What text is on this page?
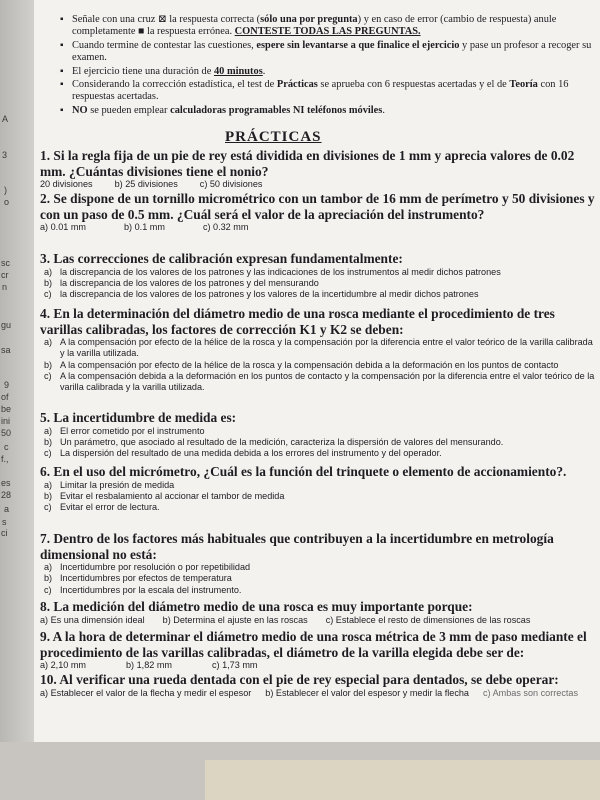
A
3
)
o
sc
cr
n
gu
sa
9
of
be
ini
50
c
f.,
es
28
a
s
ci
▪ Señale con una cruz ⊠ la respuesta correcta (sólo una por pregunta) y en caso de error (cambio de respuesta) anule completamente ■ la respuesta errónea. CONTESTE TODAS LAS PREGUNTAS.
▪ Cuando termine de contestar las cuestiones, espere sin levantarse a que finalice el ejercicio y pase un profesor a recoger su examen.
▪ El ejercicio tiene una duración de 40 minutos.
▪ Considerando la corrección estadística, el test de Prácticas se aprueba con 6 respuestas acertadas y el de Teoría con 16 respuestas acertadas.
▪ NO se pueden emplear calculadoras programables NI teléfonos móviles.
PRÁCTICAS
1. Si la regla fija de un pie de rey está dividida en divisiones de 1 mm y aprecia valores de 0.02 mm. ¿Cuántas divisiones tiene el nonio?
20 divisiones b) 25 divisiones c) 50 divisiones
2. Se dispone de un tornillo micrométrico con un tambor de 16 mm de perímetro y 50 divisiones y con un paso de 0.5 mm. ¿Cuál será el valor de la apreciación del instrumento?
a) 0.01 mm	b) 0.1 mm	c) 0.32 mm
3. Las correcciones de calibración expresan fundamentalmente:
a) la discrepancia de los valores de los patrones y las indicaciones de los instrumentos al medir dichos patrones
b) la discrepancia de los valores de los patrones y del mensurando
c) la discrepancia de los valores de los patrones y los valores de la incertidumbre al medir dichos patrones
4. En la determinación del diámetro medio de una rosca mediante el procedimiento de tres varillas calibradas, los factores de corrección K1 y K2 se deben:
a) A la compensación por efecto de la hélice de la rosca y la compensación por la diferencia entre el valor teórico de la varilla calibrada y la varilla utilizada.
b) A la compensación por efecto de la hélice de la rosca y la compensación debida a la deformación en los puntos de contacto
c) A la compensación debida a la deformación en los puntos de contacto y la compensación por la diferencia entre el valor teórico de la varilla calibrada y la varilla utilizada.
5. La incertidumbre de medida es:
a) El error cometido por el instrumento
b) Un parámetro, que asociado al resultado de la medición, caracteriza la dispersión de valores del mensurando.
c) La dispersión del resultado de una medida debida a los errores del instrumento y del operador.
6. En el uso del micrómetro, ¿Cuál es la función del trinquete o elemento de accionamiento?.
a) Limitar la presión de medida
b) Evitar el resbalamiento al accionar el tambor de medida
c) Evitar el error de lectura.
7. Dentro de los factores más habituales que contribuyen a la incertidumbre en metrología dimensional no está:
a) Incertidumbre por resolución o por repetibilidad
b) Incertidumbres por efectos de temperatura
c) Incertidumbres por la escala del instrumento.
8. La medición del diámetro medio de una rosca es muy importante porque:
a) Es una dimensión ideal b) Determina el ajuste en las roscas c) Establece el resto de dimensiones de las roscas
9. A la hora de determinar el diámetro medio de una rosca métrica de 3 mm de paso mediante el procedimiento de las varillas calibradas, el diámetro de la varilla elegida debe ser de:
a) 2,10 mm	b) 1,82 mm	c) 1,73 mm
10. Al verificar una rueda dentada con el pie de rey especial para dentados, se debe operar:
a) Establecer el valor de la flecha y medir el espesor b) Establecer el valor del espesor y medir la flecha c) Ambas son correctas
